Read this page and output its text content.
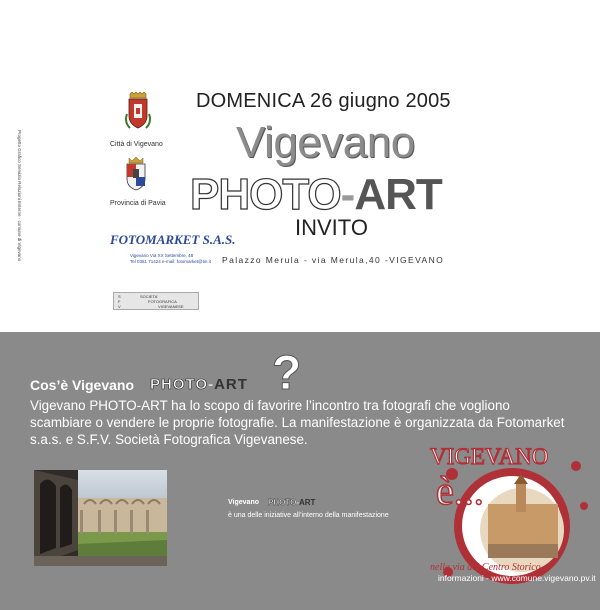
Progetto Grafico Servizio Relazioni Esterne - comune di Vigevano	Città di Vigevano
Provincia di Pavia
DOMENICA 26 giugno 2005
Vigevano
PHOTO-ART
INVITO
FOTOMARKET S.A.S.
Vigevano Via XX Settembre, 48
Tel 0381 71424 e-mail: fotomarket@tin.it Palazzo Merula - via Merula,40 -VIGEVANO
S
F
V
SOCIETA'
FOTOGRAFICA
VIGEVANESE
?
Cos’è Vigevano PHOTO-ART
Vigevano PHOTO-ART ha lo scopo di favorire l’incontro tra fotografi che vogliono scambiare o vendere le proprie fotografie. La manifestazione è organizzata da Fotomarket s.a.s. e S.F.V. Società Fotografica Vigevanese.
Vigevano PHOTO-ART
è una delle iniziative all’interno della manifestazione
VIGEVANO
è...
nella via del Centro Storico
informazioni - www.comune.vigevano.pv.it
